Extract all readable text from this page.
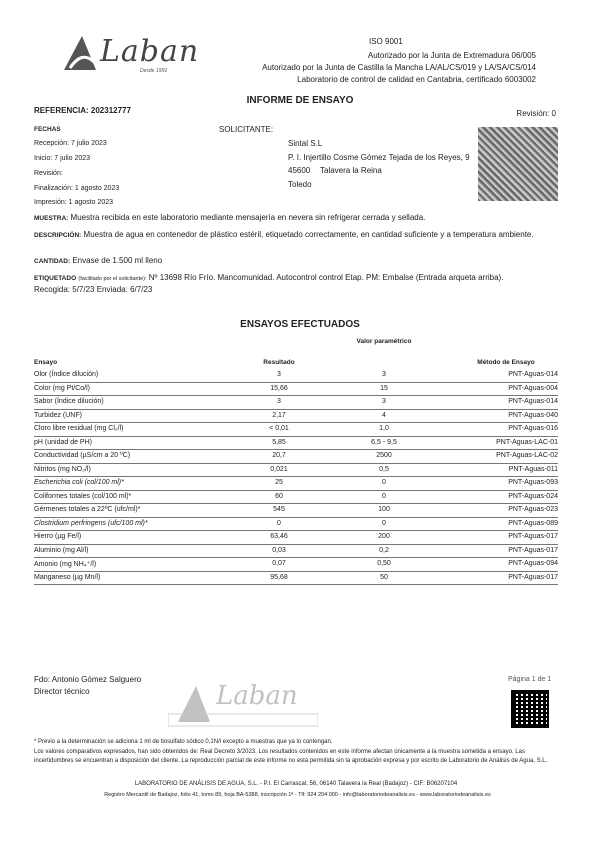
Laban
Desde 1959
ISO 9001
Autorizado por la Junta de Extremadura 06/005
Autorizado por la Junta de Castilla la Mancha LA/AL/CS/019 y LA/SA/CS/014
Laboratorio de control de calidad en Cantabria, certificado 6003002
INFORME DE ENSAYO
REFERENCIA: 202312777	Revisión: 0
FECHAS
Recepción: 7 julio 2023
Inicio: 7 julio 2023
Revisión:
Finalización: 1 agosto 2023
Impresión: 1 agosto 2023
SOLICITANTE:
Sintal S.L
P. I. Injertillo Cosme Gómez Tejada de los Reyes, 9
45600 Talavera la Reina
Toledo
MUESTRA: Muestra recibida en este laboratorio mediante mensajería en nevera sin refrigerar cerrada y sellada.
DESCRIPCIÓN: Muestra de agua en contenedor de plástico estéril, etiquetado correctamente, en cantidad suficiente y a temperatura ambiente.
CANTIDAD: Envase de 1.500 ml lleno
ETIQUETADO (facilitado por el solicitante): Nº 13698 Río Frío. Mancomunidad. Autocontrol control Etap. PM: Embalse (Entrada arqueta arriba).
Recogida: 5/7/23 Enviada: 6/7/23
ENSAYOS EFECTUADOS
Ensayo	Resultado
Valor paramétrico
Método de Ensayo
Olor (Índice dilución)	3	3	PNT-Aguas-014
Color (mg Pt/Co/l)	15,66	15	PNT-Aguas-004
Sabor (Índice dilución)	3	3	PNT-Aguas-014
Turbidez (UNF)	2,17	4	PNT-Aguas-040
Cloro libre residual (mg Cl₂/l)	< 0,01	1,0	PNT-Aguas-016
pH (unidad de PH)	5,85	6,5 - 9,5	PNT-Aguas-LAC-01
Conductividad (µS/cm a 20 ºC)	20,7	2500	PNT-Aguas-LAC-02
Nitritos (mg NO₂/l)	0,021	0,5	PNT-Aguas-011
Escherichia coli (col/100 ml)*	25	0	PNT-Aguas-093
Coliformes totales (col/100 ml)*	60	0	PNT-Aguas-024
Gérmenes totales a 22ºC (ufc/ml)*	545	100	PNT-Aguas-023
Clostridium perfringens (ufc/100 ml)*	0	0	PNT-Aguas-089
Hierro (µg Fe/l)	63,46	200	PNT-Aguas-017
Aluminio (mg Al/l)	0,03	0,2	PNT-Aguas-017
Amonio (mg NH₄⁺/l)	0,07	0,50	PNT-Aguas-094
Manganeso (µg Mn/l)	95,68	50	PNT-Aguas-017
Fdo: Antonio Gómez Salguero
Director técnico
Página 1 de 1
Laban
* Previo a la determinación se adiciona 1 ml de tiosulfato sódico 0,1N/l excepto a muestras que ya lo contengan.
Los valores comparativos expresados, han sido obtenidos de: Real Decreto 3/2023. Los resultados contenidos en este informe afectan únicamente a la muestra sometida a ensayo. Las incertidumbres se encuentran a disposición del cliente. La reproducción parcial de este informe no está permitida sin la aprobación expresa y por escrito de Laboratorio de Análisis de Agua, S.L.
LABORATORIO DE ANÁLISIS DE AGUA, S.L. - P.I. El Carrascal, 56, 06140 Talavera la Real (Badajoz) - CIF: B06207104
Registro Mercantil de Badajoz, folio 41, tomo 89, hoja BA-5388, inscripción 1ª - Tlf: 924 204 000 - info@laboratoriodeanalisis.es - www.laboratoriodeanalisis.es
